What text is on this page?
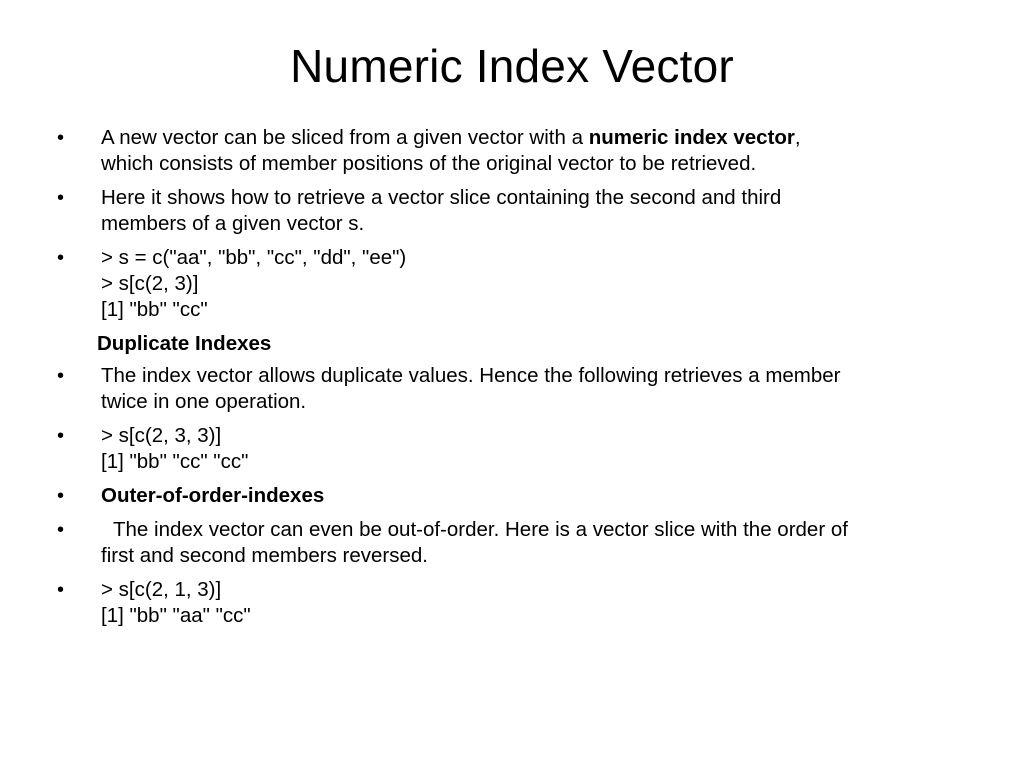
Numeric Index Vector
• A new vector can be sliced from a given vector with a numeric index vector,
which consists of member positions of the original vector to be retrieved.
• Here it shows how to retrieve a vector slice containing the second and third
members of a given vector s.
• > s = c("aa", "bb", "cc", "dd", "ee")
> s[c(2, 3)]
[1] "bb" "cc"
Duplicate Indexes
• The index vector allows duplicate values. Hence the following retrieves a member
twice in one operation.
• > s[c(2, 3, 3)]
[1] "bb" "cc" "cc"
• Outer-of-order-indexes
•	The index vector can even be out-of-order. Here is a vector slice with the order of
first and second members reversed.
• > s[c(2, 1, 3)]
[1] "bb" "aa" "cc"
